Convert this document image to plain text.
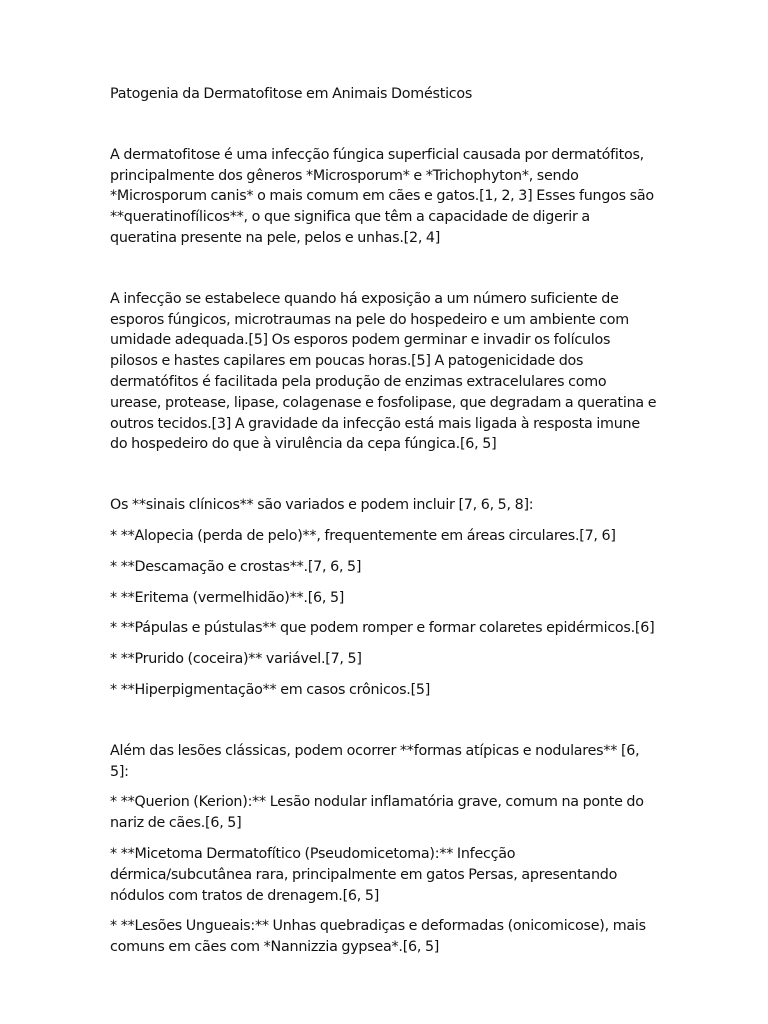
Patogenia da Dermatofitose em Animais Domésticos

A dermatofitose é uma infecção fúngica superficial causada por dermatófitos, principalmente dos gêneros *Microsporum* e *Trichophyton*, sendo *Microsporum canis* o mais comum em cães e gatos.[1, 2, 3] Esses fungos são **queratinofílicos**, o que significa que têm a capacidade de digerir a queratina presente na pele, pelos e unhas.[2, 4]

A infecção se estabelece quando há exposição a um número suficiente de esporos fúngicos, microtraumas na pele do hospedeiro e um ambiente com umidade adequada.[5] Os esporos podem germinar e invadir os folículos pilosos e hastes capilares em poucas horas.[5] A patogenicidade dos dermatófitos é facilitada pela produção de enzimas extracelulares como urease, protease, lipase, colagenase e fosfolipase, que degradam a queratina e outros tecidos.[3] A gravidade da infecção está mais ligada à resposta imune do hospedeiro do que à virulência da cepa fúngica.[6, 5]

Os **sinais clínicos** são variados e podem incluir [7, 6, 5, 8]:

* **Alopecia (perda de pelo)**, frequentemente em áreas circulares.[7, 6]

* **Descamação e crostas**.[7, 6, 5]

* **Eritema (vermelhidão)**.[6, 5]

* **Pápulas e pústulas** que podem romper e formar colaretes epidérmicos.[6]

* **Prurido (coceira)** variável.[7, 5]

* **Hiperpigmentação** em casos crônicos.[5]

Além das lesões clássicas, podem ocorrer **formas atípicas e nodulares** [6, 5]:

* **Querion (Kerion):** Lesão nodular inflamatória grave, comum na ponte do nariz de cães.[6, 5]

* **Micetoma Dermatofítico (Pseudomicetoma):** Infecção dérmica/subcutânea rara, principalmente em gatos Persas, apresentando nódulos com tratos de drenagem.[6, 5]

* **Lesões Ungueais:** Unhas quebradiças e deformadas (onicomicose), mais comuns em cães com *Nannizzia gypsea*.[6, 5]
